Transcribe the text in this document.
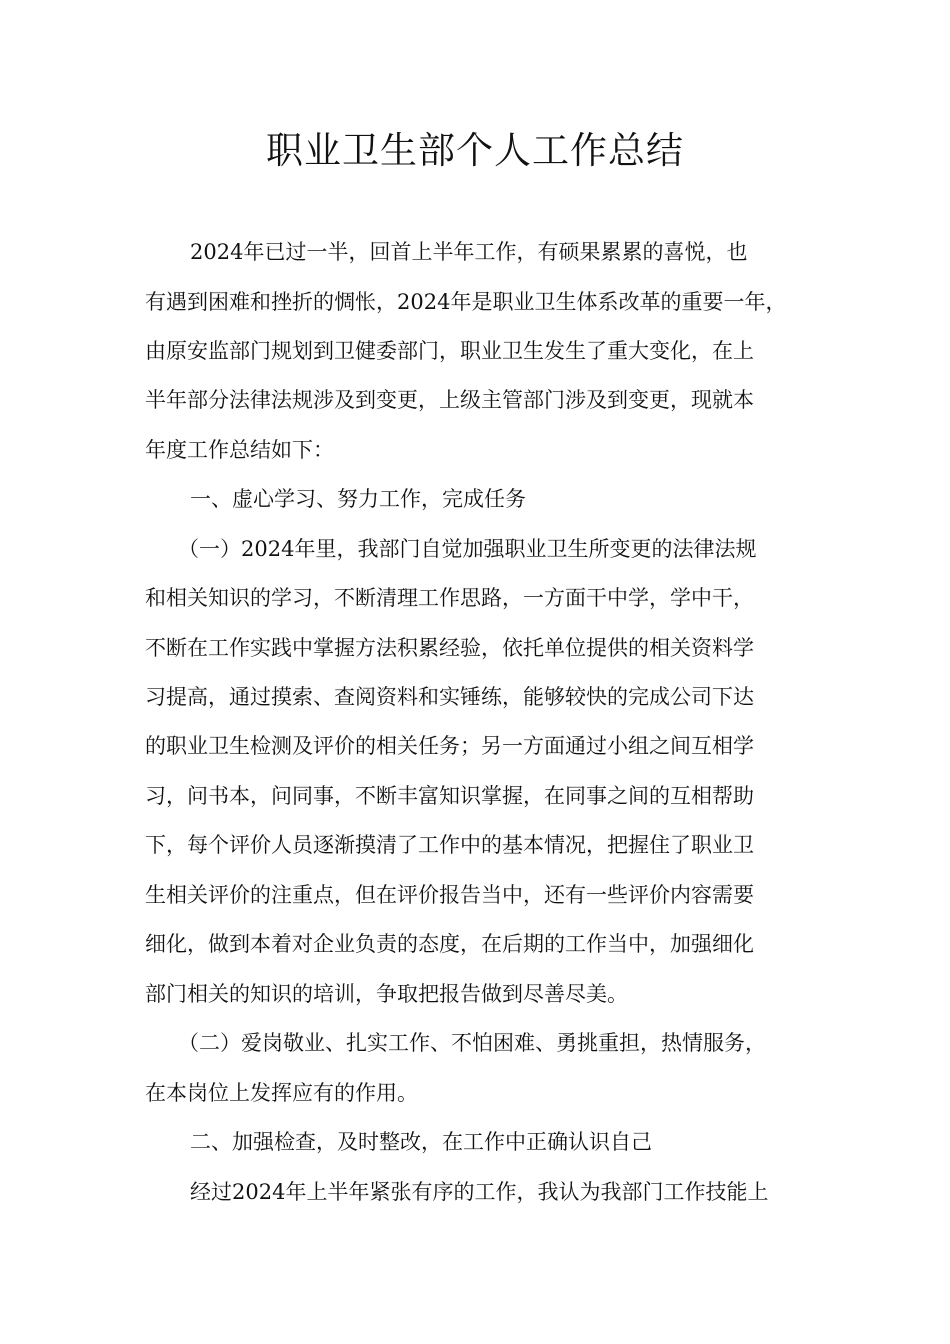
职业卫生部个人工作总结

2024年已过一半，回首上半年工作，有硕果累累的喜悦，也

有遇到困难和挫折的惆怅，2024年是职业卫生体系改革的重要一年，

由原安监部门规划到卫健委部门，职业卫生发生了重大变化，在上

半年部分法律法规涉及到变更，上级主管部门涉及到变更，现就本

年度工作总结如下：

一、虚心学习、努力工作，完成任务

（一）2024年里，我部门自觉加强职业卫生所变更的法律法规

和相关知识的学习，不断清理工作思路，一方面干中学，学中干，

不断在工作实践中掌握方法积累经验，依托单位提供的相关资料学

习提高，通过摸索、查阅资料和实锤练，能够较快的完成公司下达

的职业卫生检测及评价的相关任务；另一方面通过小组之间互相学

习，问书本，问同事，不断丰富知识掌握，在同事之间的互相帮助

下，每个评价人员逐渐摸清了工作中的基本情况，把握住了职业卫

生相关评价的注重点，但在评价报告当中，还有一些评价内容需要

细化，做到本着对企业负责的态度，在后期的工作当中，加强细化

部门相关的知识的培训，争取把报告做到尽善尽美。

（二）爱岗敬业、扎实工作、不怕困难、勇挑重担，热情服务，

在本岗位上发挥应有的作用。

二、加强检查，及时整改，在工作中正确认识自己

经过2024年上半年紧张有序的工作，我认为我部门工作技能上
